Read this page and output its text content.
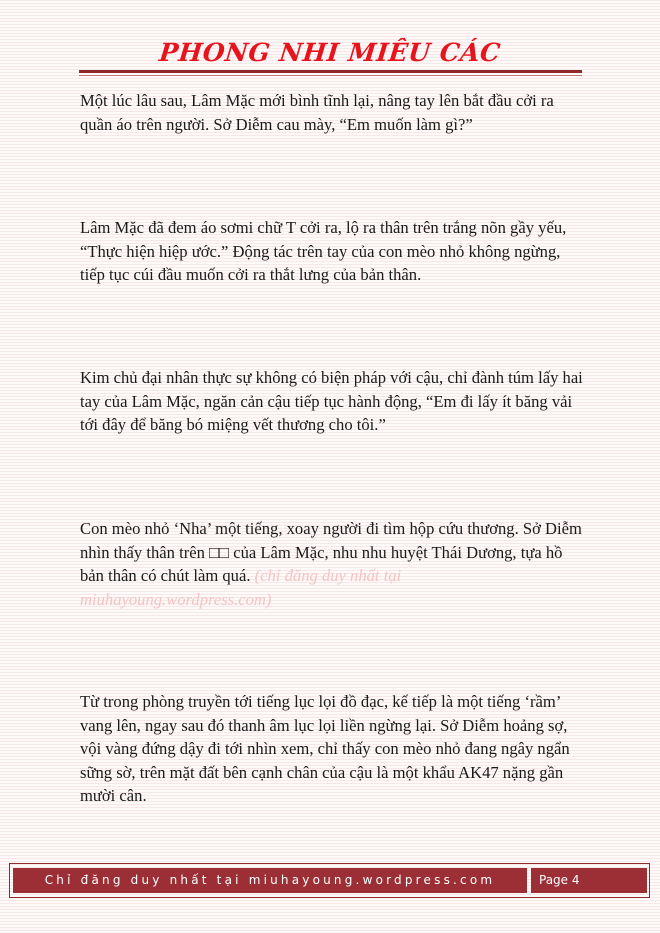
PHONG NHI MIÊU CÁC

Một lúc lâu sau, Lâm Mặc mới bình tĩnh lại, nâng tay lên bắt đầu cởi ra quần áo trên người. Sở Diễm cau mày, “Em muốn làm gì?”

Lâm Mặc đã đem áo sơmi chữ T cởi ra, lộ ra thân trên trắng nõn gầy yếu, “Thực hiện hiệp ước.” Động tác trên tay của con mèo nhỏ không ngừng, tiếp tục cúi đầu muốn cởi ra thắt lưng của bản thân.

Kim chủ đại nhân thực sự không có biện pháp với cậu, chỉ đành túm lấy hai tay của Lâm Mặc, ngăn cản cậu tiếp tục hành động, “Em đi lấy ít băng vải tới đây để băng bó miệng vết thương cho tôi.”

Con mèo nhỏ ‘Nha’ một tiếng, xoay người đi tìm hộp cứu thương. Sở Diễm nhìn thấy thân trên □□ của Lâm Mặc, nhu nhu huyệt Thái Dương, tựa hồ bản thân có chút làm quá. (chỉ đăng duy nhất tại miuhayoung.wordpress.com)

Từ trong phòng truyền tới tiếng lục lọi đồ đạc, kế tiếp là một tiếng ‘rầm’ vang lên, ngay sau đó thanh âm lục lọi liền ngừng lại. Sở Diễm hoảng sợ, vội vàng đứng dậy đi tới nhìn xem, chỉ thấy con mèo nhỏ đang ngây ngẩn sững sờ, trên mặt đất bên cạnh chân của cậu là một khẩu AK47 nặng gần mười cân.

Chỉ đăng duy nhất tại miuhayoung.wordpress.com	Page 4
